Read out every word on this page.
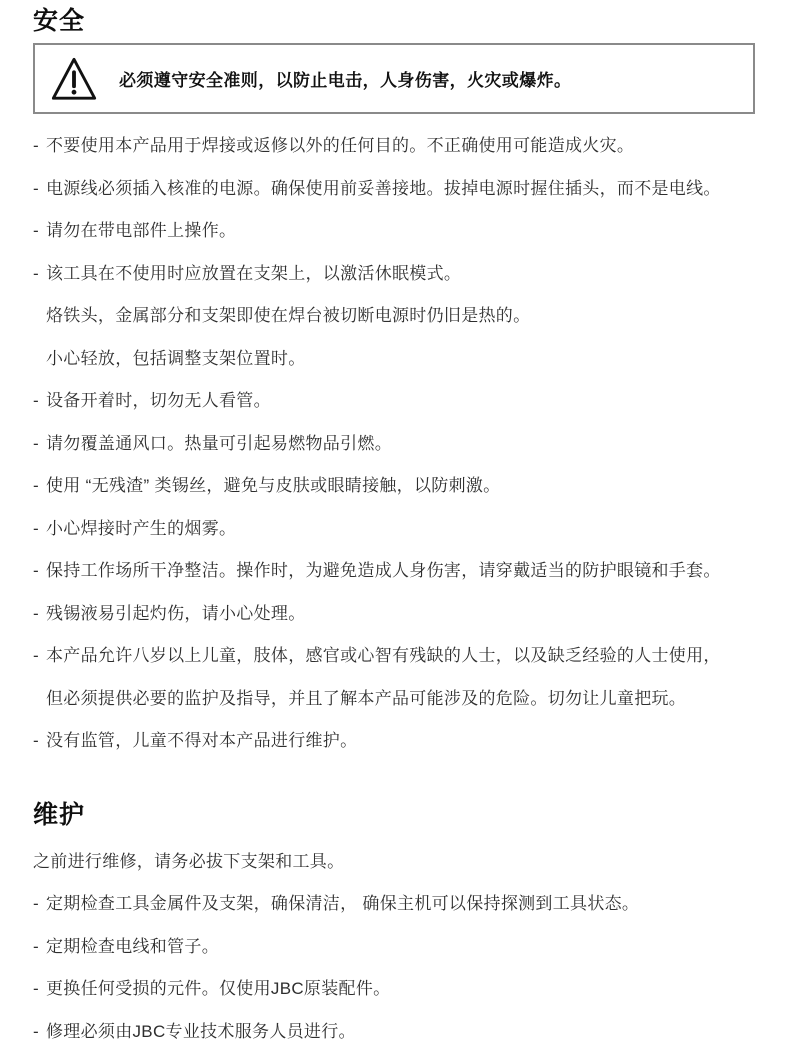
安全
必须遵守安全准则，以防止电击，人身伤害，火灾或爆炸。
- 不要使用本产品用于焊接或返修以外的任何目的。不正确使用可能造成火灾。
- 电源线必须插入核准的电源。确保使用前妥善接地。拔掉电源时握住插头，而不是电线。
- 请勿在带电部件上操作。
- 该工具在不使用时应放置在支架上，以激活休眠模式。
烙铁头，金属部分和支架即使在焊台被切断电源时仍旧是热的。
小心轻放，包括调整支架位置时。
- 设备开着时，切勿无人看管。
- 请勿覆盖通风口。热量可引起易燃物品引燃。
- 使用 “无残渣” 类锡丝，避免与皮肤或眼睛接触，以防刺激。
- 小心焊接时产生的烟雾。
- 保持工作场所干净整洁。操作时，为避免造成人身伤害，请穿戴适当的防护眼镜和手套。
- 残锡液易引起灼伤，请小心处理。
- 本产品允许八岁以上儿童，肢体，感官或心智有残缺的人士，以及缺乏经验的人士使用，
但必须提供必要的监护及指导，并且了解本产品可能涉及的危险。切勿让儿童把玩。
- 没有监管，儿童不得对本产品进行维护。
维护
之前进行维修，请务必拔下支架和工具。
- 定期检查工具金属件及支架，确保清洁， 确保主机可以保持探测到工具状态。
- 定期检查电线和管子。
- 更换任何受损的元件。仅使用JBC原装配件。
- 修理必须由JBC专业技术服务人员进行。
